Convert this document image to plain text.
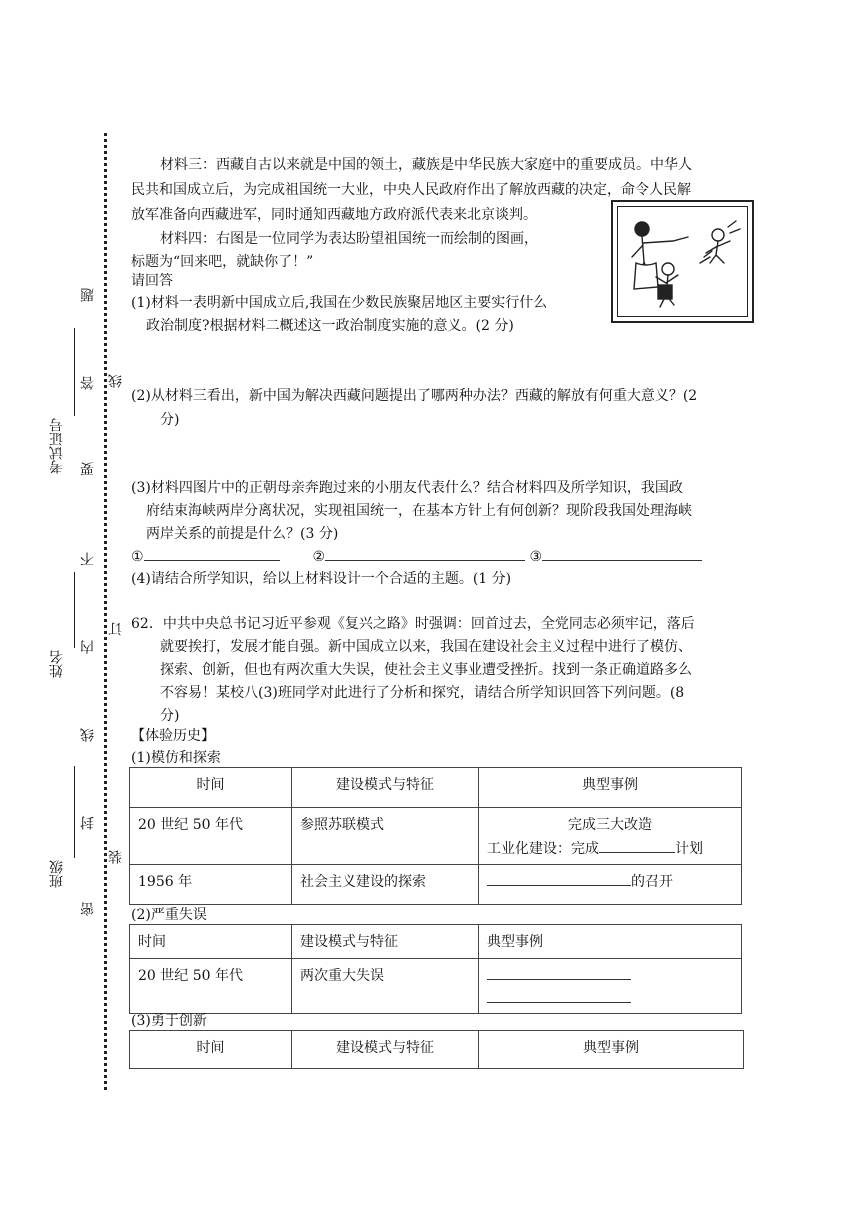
考试证号
姓名
班级
题
答
要
不
内
线
封
密
线
订
装
材料三：西藏自古以来就是中国的领土，藏族是中华民族大家庭中的重要成员。中华人
民共和国成立后，为完成祖国统一大业，中央人民政府作出了解放西藏的决定，命令人民解
放军准备向西藏进军，同时通知西藏地方政府派代表来北京谈判。
材料四：右图是一位同学为表达盼望祖国统一而绘制的图画，
标题为“回来吧，就缺你了！”
请回答
(1)材料一表明新中国成立后,我国在少数民族聚居地区主要实行什么
政治制度?根据材料二概述这一政治制度实施的意义。(2 分)
(2)从材料三看出，新中国为解决西藏问题提出了哪两种办法？西藏的解放有何重大意义？(2
分)
(3)材料四图片中的正朝母亲奔跑过来的小朋友代表什么？结合材料四及所学知识，我国政
府结束海峡两岸分离状况，实现祖国统一，在基本方针上有何创新？现阶段我国处理海峡
两岸关系的前提是什么？(3 分)
①	②	③
(4)请结合所学知识，给以上材料设计一个合适的主题。(1 分)
62．中共中央总书记习近平参观《复兴之路》时强调：回首过去，全党同志必须牢记，落后
就要挨打，发展才能自强。新中国成立以来，我国在建设社会主义过程中进行了模仿、
探索、创新，但也有两次重大失误，使社会主义事业遭受挫折。找到一条正确道路多么
不容易！某校八(3)班同学对此进行了分析和探究，请结合所学知识回答下列问题。(8
分)
【体验历史】
(1)模仿和探索
时间	建设模式与特征	典型事例
20 世纪 50 年代	参照苏联模式	完成三大改造
工业化建设：完成 计划

1956 年	社会主义建设的探索	的召开
(2)严重失误
时间	建设模式与特征	典型事例
20 世纪 50 年代	两次重大失误	
(3)勇于创新
时间	建设模式与特征	典型事例
